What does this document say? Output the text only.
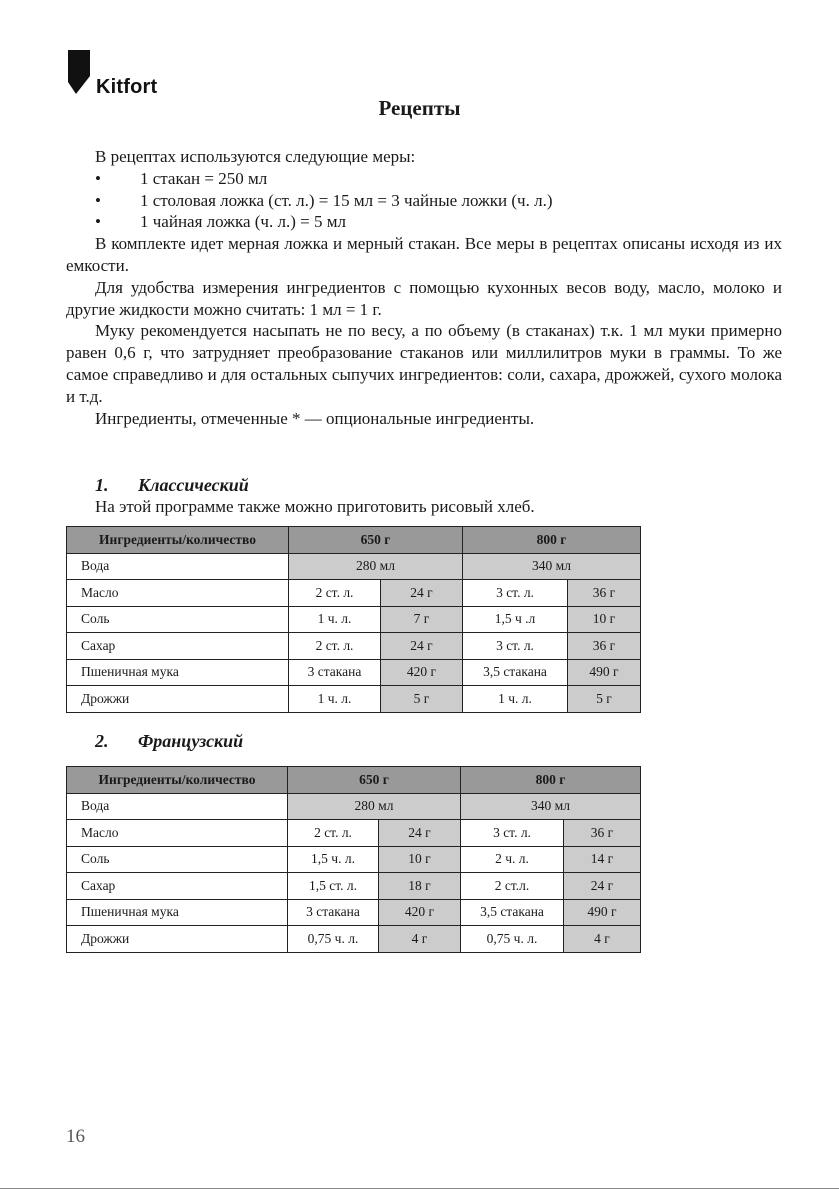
Kitfort
Рецепты

В рецептах используются следующие меры:

• 1 стакан = 250 мл

• 1 столовая ложка (ст. л.) = 15 мл = 3 чайные ложки (ч. л.)

• 1 чайная ложка (ч. л.) = 5 мл

В комплекте идет мерная ложка и мерный стакан. Все меры в рецептах описаны исходя из их емкости.

Для удобства измерения ингредиентов с помощью кухонных весов воду, масло, молоко и другие жидкости можно считать: 1 мл = 1 г.

Муку рекомендуется насыпать не по весу, а по объему (в стаканах) т.к. 1 мл муки примерно равен 0,6 г, что затрудняет преобразование стаканов или миллилитров муки в граммы. То же самое справедливо и для остальных сыпучих ингредиентов: соли, сахара, дрожжей, сухого молока и т.д.

Ингредиенты, отмеченные * — опциональные ингредиенты.

1. Классический
На этой программе также можно приготовить рисовый хлеб.
Ингредиенты/количество	650 г		800 г	
Вода	280 мл		340 мл	
Масло	2 ст. л.	24 г	3 ст. л.	36 г
Соль	1 ч. л.	7 г	1,5 ч .л	10 г
Сахар	2 ст. л.	24 г	3 ст. л.	36 г
Пшеничная мука	3 стакана	420 г	3,5 стакана	490 г
Дрожжи	1 ч. л.	5 г	1 ч. л.	5 г
2. Французский
Ингредиенты/количество	650 г		800 г	
Вода	280 мл		340 мл	
Масло	2 ст. л.	24 г	3 ст. л.	36 г
Соль	1,5 ч. л.	10 г	2 ч. л.	14 г
Сахар	1,5 ст. л.	18 г	2 ст.л.	24 г
Пшеничная мука	3 стакана	420 г	3,5 стакана	490 г
Дрожжи	0,75 ч. л.	4 г	0,75 ч. л.	4 г
16
